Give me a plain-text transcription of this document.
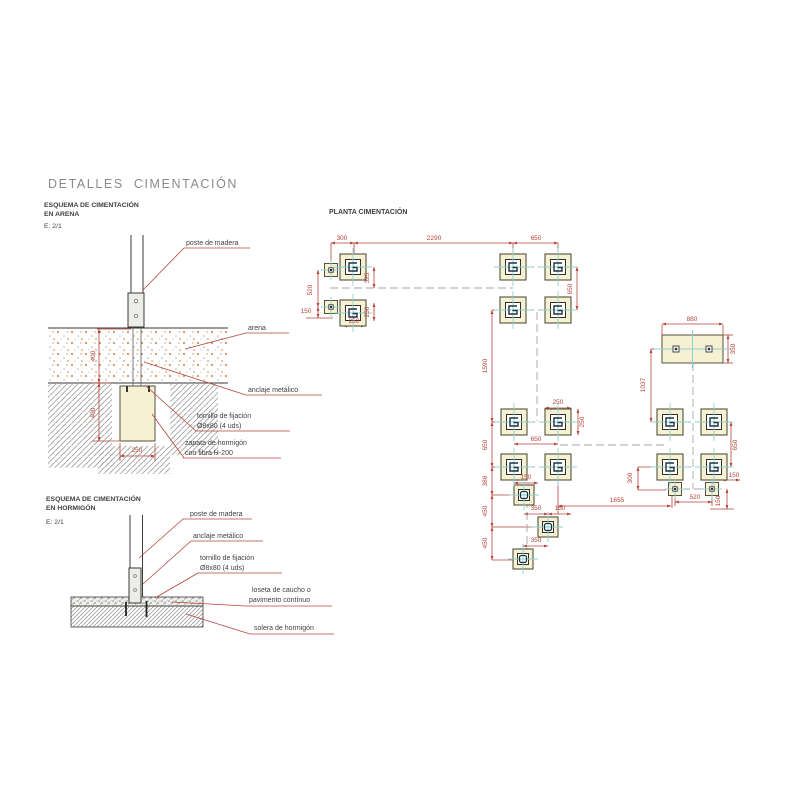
DETALLES CIMENTACIÓN
ESQUEMA DE CIMENTACIÓN
EN ARENA
E: 2/1
poste de madera
arena
anclaje metálico
tornillo de fijación
Ø8x80 (4 uds)
zapata de hormigón
con fibra H-200
400
400
250
ESQUEMA DE CIMENTACIÓN
EN HORMIGÓN
E: 2/1
poste de madera
anclaje metálico
tornillo de fijación
Ø8x80 (4 uds)
loseta de caucho o
pavimento contínuo
solera de hormigón
PLANTA CIMENTACIÓN
300	2290	650
520
150
325
250
250
650
1590
250
250
650
650
386
450
450
150
350 150
1655
350
880
350
1037
650
300	150
520 150
